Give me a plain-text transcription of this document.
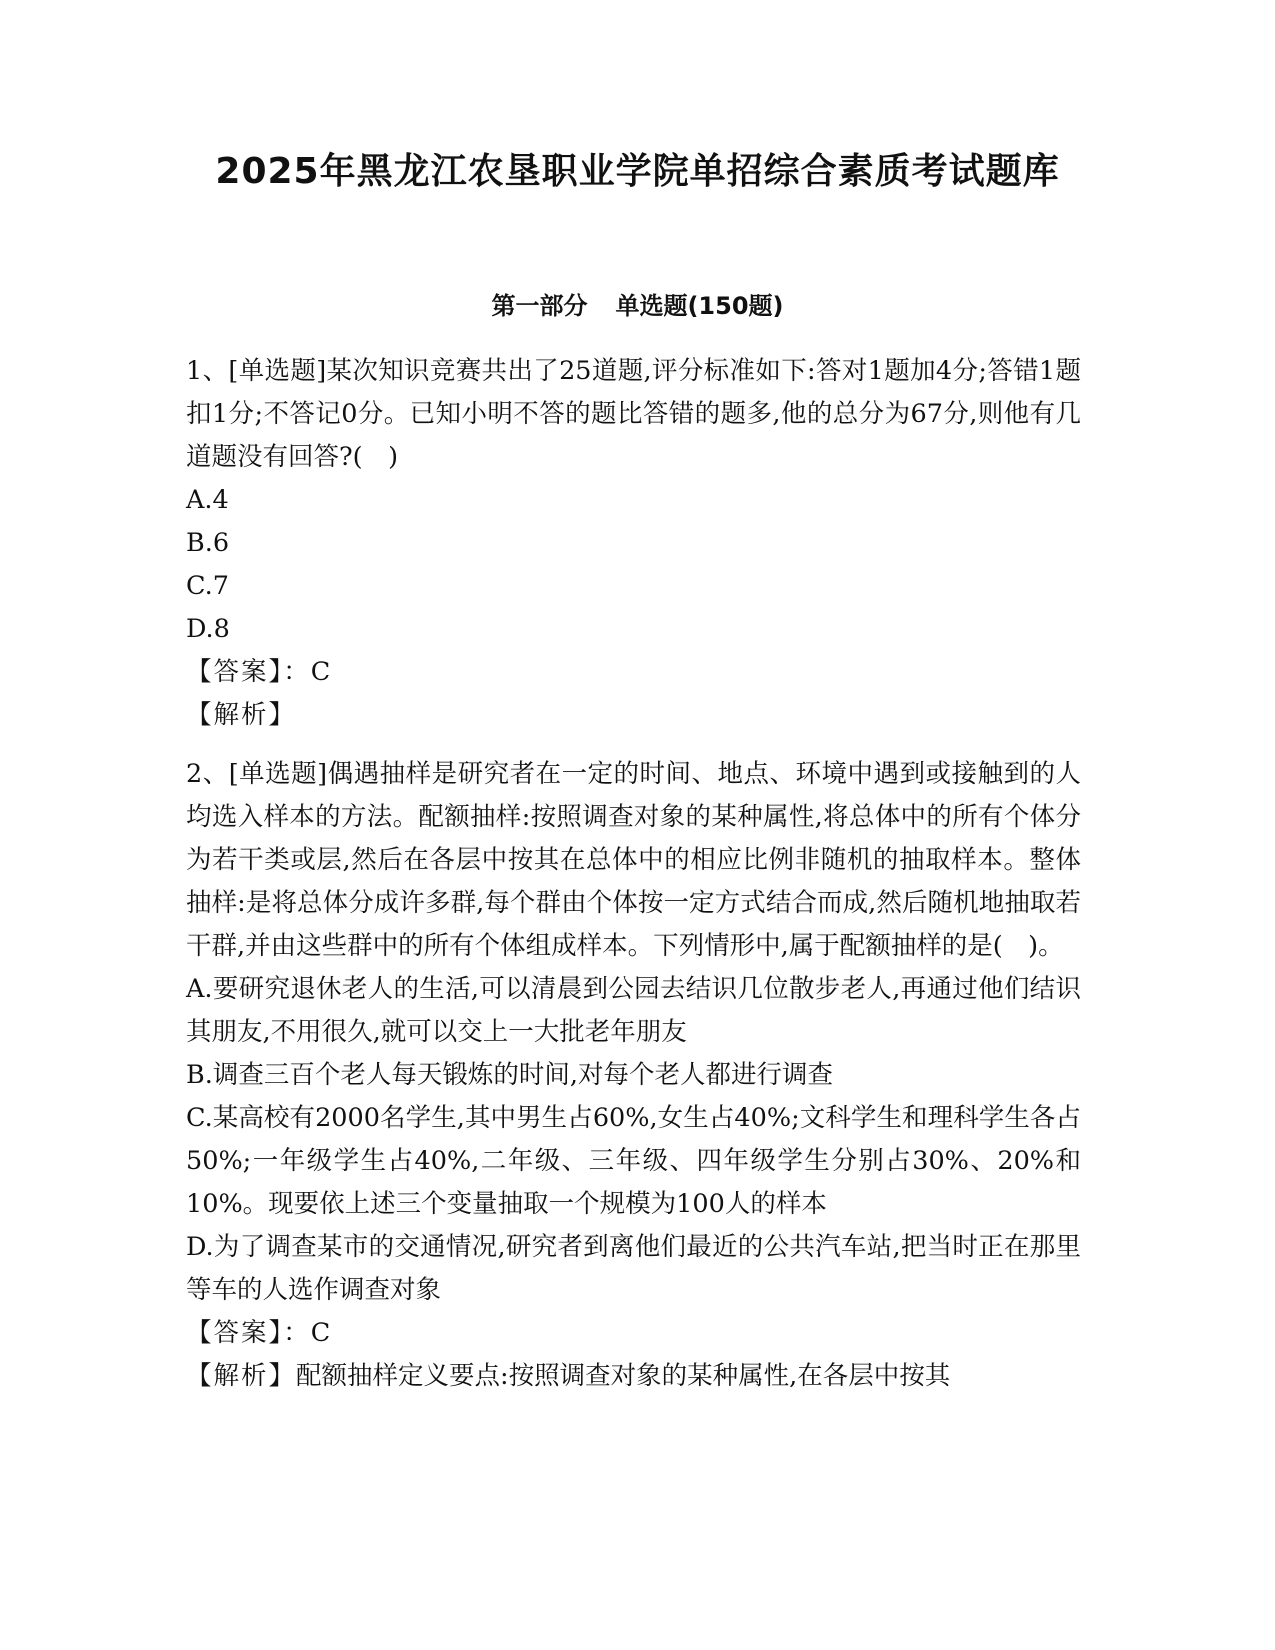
2025年黑龙江农垦职业学院单招综合素质考试题库
第一部分 单选题(150题)

1、[单选题]某次知识竞赛共出了25道题,评分标准如下:答对1题加4分;答错1题扣1分;不答记0分。已知小明不答的题比答错的题多,他的总分为67分,则他有几道题没有回答?(　)

A.4

B.6

C.7

D.8

【答案】：C

【解析】

2、[单选题]偶遇抽样是研究者在一定的时间、地点、环境中遇到或接触到的人均选入样本的方法。配额抽样:按照调查对象的某种属性,将总体中的所有个体分为若干类或层,然后在各层中按其在总体中的相应比例非随机的抽取样本。整体抽样:是将总体分成许多群,每个群由个体按一定方式结合而成,然后随机地抽取若干群,并由这些群中的所有个体组成样本。下列情形中,属于配额抽样的是(　)。

A.要研究退休老人的生活,可以清晨到公园去结识几位散步老人,再通过他们结识其朋友,不用很久,就可以交上一大批老年朋友

B.调查三百个老人每天锻炼的时间,对每个老人都进行调查

C.某高校有2000名学生,其中男生占60%,女生占40%;文科学生和理科学生各占50%;一年级学生占40%,二年级、三年级、四年级学生分别占30%、20%和10%。现要依上述三个变量抽取一个规模为100人的样本

D.为了调查某市的交通情况,研究者到离他们最近的公共汽车站,把当时正在那里等车的人选作调查对象

【答案】：C

【解析】配额抽样定义要点:按照调查对象的某种属性,在各层中按其
